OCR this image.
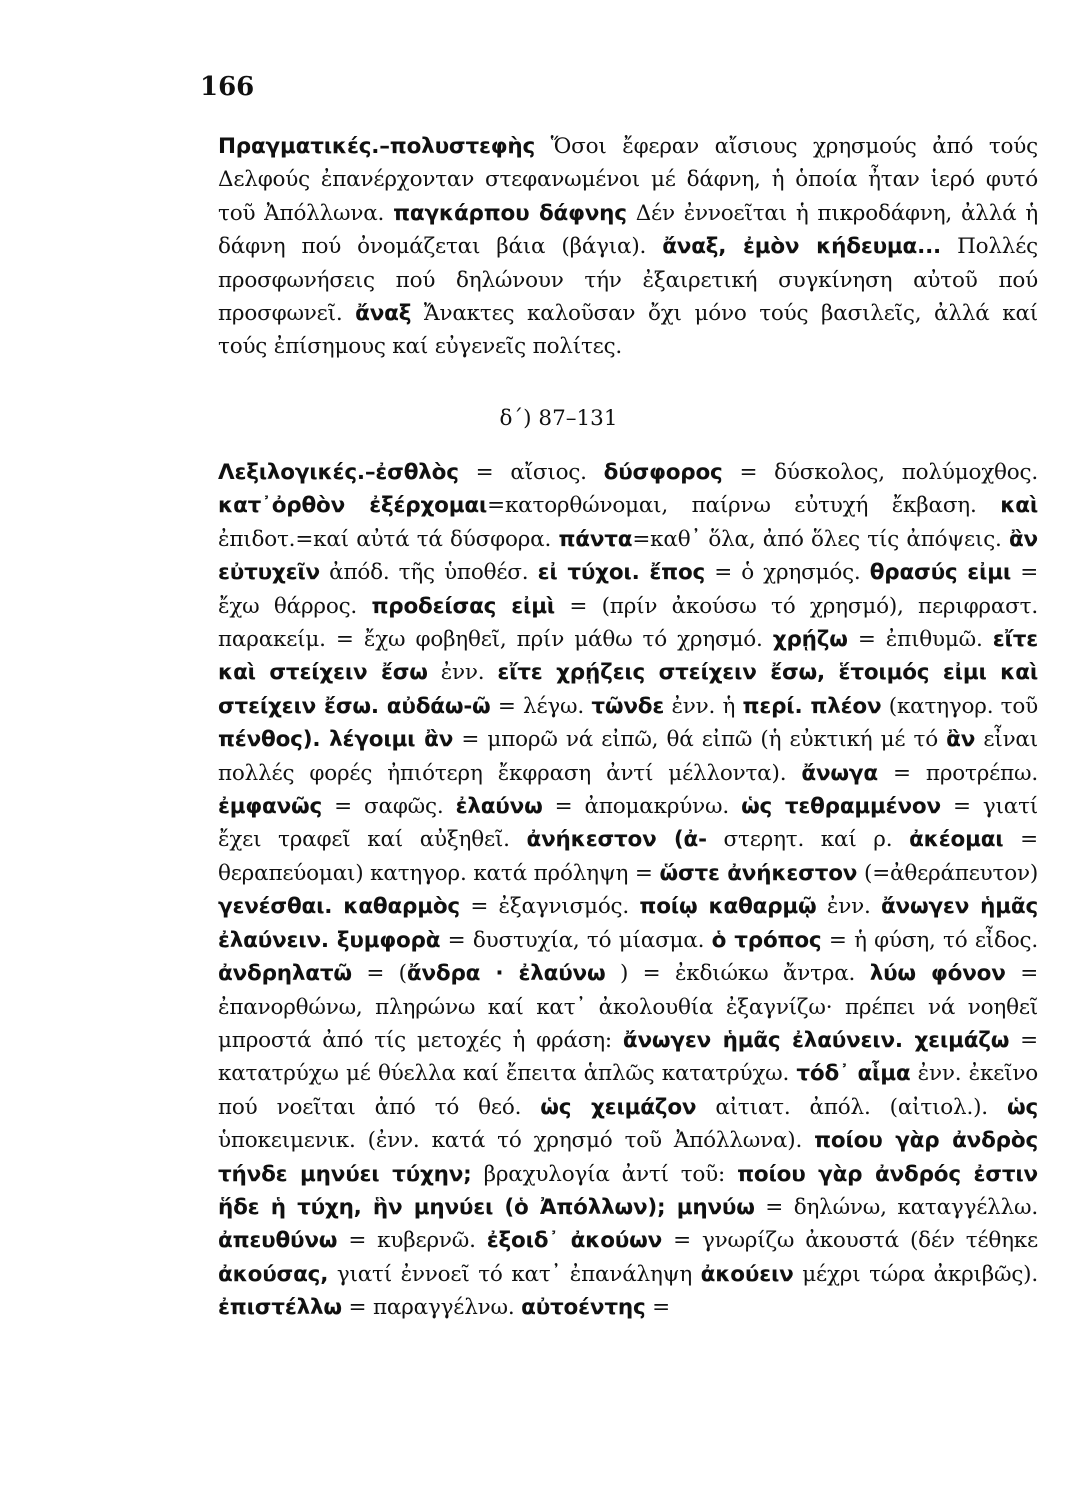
166
Πραγματικές.–πολυστεφὴς Ὅσοι ἔφεραν αἴσιους χρησμούς ἀπό τούς Δελφούς ἐπανέρχονταν στεφανωμένοι μέ δάφνη, ἡ ὁποία ἦταν ἱερό φυτό τοῦ Ἀπόλλωνα. παγκάρπου δάφνης Δέν ἐννοεῖται ἡ πικροδάφνη, ἀλλά ἡ δάφνη πού ὀνομάζεται βάια (βάγια). ἄναξ, ἐμὸν κήδευμα... Πολλές προσφωνήσεις πού δηλώνουν τήν ἐξαιρετική συγκίνηση αὐτοῦ πού προσφωνεῖ. ἄναξ Ἄνακτες καλοῦσαν ὄχι μόνο τούς βασιλεῖς, ἀλλά καί τούς ἐπίσημους καί εὐγενεῖς πολίτες.
δ΄) 87–131
Λεξιλογικές.–ἐσθλὸς = αἴσιος. δύσφορος = δύσκολος, πολύμοχθος. κατ᾽ὀρθὸν ἐξέρχομαι=κατορθώνομαι, παίρνω εὐτυχή ἔκβαση. καὶ ἐπιδοτ.=καί αὐτά τά δύσφορα. πάντα=καθ᾽ ὅλα, ἀπό ὅλες τίς ἀπόψεις. ἂν εὐτυχεῖν ἀπόδ. τῆς ὑποθέσ. εἰ τύχοι. ἔπος = ὁ χρησμός. θρασύς εἰμι = ἔχω θάρρος. προδείσας εἰμὶ = (πρίν ἀκούσω τό χρησμό), περιφραστ. παρακείμ. = ἔχω φοβηθεῖ, πρίν μάθω τό χρησμό. χρῄζω = ἐπιθυμῶ. εἴτε καὶ στείχειν ἔσω ἐνν. εἴτε χρῄζεις στείχειν ἔσω, ἕτοιμός εἰμι καὶ στείχειν ἔσω. αὐδάω-ῶ = λέγω. τῶνδε ἐνν. ἡ περί. πλέον (κατηγορ. τοῦ πένθος). λέγοιμι ἂν = μπορῶ νά εἰπῶ, θά εἰπῶ (ἡ εὐκτική μέ τό ἂν εἶναι πολλές φορές ἠπιότερη ἔκφραση ἀντί μέλλοντα). ἄνωγα = προτρέπω. ἐμφανῶς = σαφῶς. ἐλαύνω = ἀπομακρύνω. ὡς τεθραμμένον = γιατί ἔχει τραφεῖ καί αὐξηθεῖ. ἀνήκεστον (ἀ- στερητ. καί ρ. ἀκέομαι = θεραπεύομαι) κατηγορ. κατά πρόληψη = ὥστε ἀνήκεστον (=ἀθεράπευτον) γενέσθαι. καθαρμὸς = ἐξαγνισμός. ποίῳ καθαρμῷ ἐνν. ἄνωγεν ἡμᾶς ἐλαύνειν. ξυμφορὰ = δυστυχία, τό μίασμα. ὁ τρόπος = ἡ φύση, τό εἶδος. ἀνδρηλατῶ = (ἄνδρα · ἐλαύνω ) = ἐκδιώκω ἄντρα. λύω φόνον = ἐπανορθώνω, πληρώνω καί κατ᾽ ἀκολουθία ἐξαγνίζω· πρέπει νά νοηθεῖ μπροστά ἀπό τίς μετοχές ἡ φράση: ἄνωγεν ἡμᾶς ἐλαύνειν. χειμάζω = κατατρύχω μέ θύελλα καί ἔπειτα ἁπλῶς κατατρύχω. τόδ᾽ αἷμα ἐνν. ἐκεῖνο πού νοεῖται ἀπό τό θεό. ὡς χειμάζον αἰτιατ. ἀπόλ. (αἰτιολ.). ὡς ὑποκειμενικ. (ἐνν. κατά τό χρησμό τοῦ Ἀπόλλωνα). ποίου γὰρ ἀνδρὸς τήνδε μηνύει τύχην; βραχυλογία ἀντί τοῦ: ποίου γὰρ ἀνδρός ἐστιν ἥδε ἡ τύχη, ἣν μηνύει (ὁ Ἀπόλλων); μηνύω = δηλώνω, καταγγέλλω. ἀπευθύνω = κυβερνῶ. ἐξοιδ᾽ ἀκούων = γνωρίζω ἀκουστά (δέν τέθηκε ἀκούσας, γιατί ἐννοεῖ τό κατ᾽ ἐπανάληψη ἀκούειν μέχρι τώρα ἀκριβῶς). ἐπιστέλλω = παραγγέλνω. αὐτοέντης =
